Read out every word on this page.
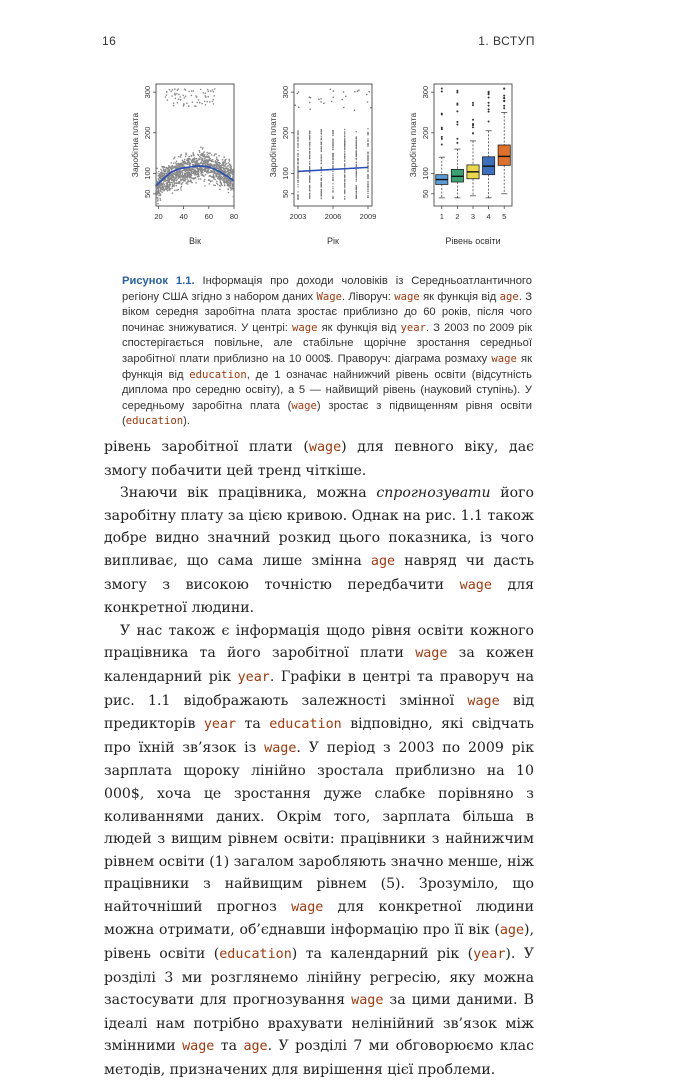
16	1. ВСТУП
50
100
200
300
Заробітна плата
Вік
50
100
200
300
Заробітна плата
Рік
50
100
200
300
Заробітна плата
Рівень освіти
20 40 60 80	2003 2006 2009	1 2 3 4 5
Рисунок 1.1. Інформація про доходи чоловіків із Середньоатлантичного регіону США згідно з набором даних Wage. Ліворуч: wage як функція від age. З віком середня заробітна плата зростає приблизно до 60 років, після чого починає знижуватися. У центрі: wage як функція від year. З 2003 по 2009 рік спостерігається повільне, але стабільне щорічне зростання середньої заробітної плати приблизно на 10 000$. Праворуч: діаграма розмаху wage як функція від education, де 1 означає найнижчий рівень освіти (відсутність диплома про середню освіту), а 5 — найвищий рівень (науковий ступінь). У середньому заробітна плата (wage) зростає з підвищенням рівня освіти (education).

рівень заробітної плати (wage) для певного віку, дає змогу побачити цей тренд чіткіше.

Знаючи вік працівника, можна спрогнозувати його заробітну плату за цією кривою. Однак на рис. 1.1 також добре видно значний розкид цього показника, із чого випливає, що сама лише змінна age навряд чи дасть змогу з високою точністю передбачити wage для конкретної людини.

У нас також є інформація щодо рівня освіти кожного працівника та його заробітної плати wage за кожен календарний рік year. Графіки в центрі та праворуч на рис. 1.1 відображають залежності змінної wage від предикторів year та education відповідно, які свідчать про їхній зв’язок із wage. У період з 2003 по 2009 рік зарплата щороку лінійно зростала приблизно на 10 000$, хоча це зростання дуже слабке порівняно з коливаннями даних. Окрім того, зарплата більша в людей з вищим рівнем освіти: працівники з найнижчим рівнем освіти (1) загалом заробляють значно менше, ніж працівники з найвищим рівнем (5). Зрозуміло, що найточніший прогноз wage для конкретної людини можна отримати, об’єднавши інформацію про її вік (age), рівень освіти (education) та календарний рік (year). У розділі 3 ми розглянемо лінійну регресію, яку можна застосувати для прогнозування wage за цими даними. В ідеалі нам потрібно врахувати нелінійний зв’язок між змінними wage та age. У розділі 7 ми обговорюємо клас методів, призначених для вирішення цієї проблеми.
